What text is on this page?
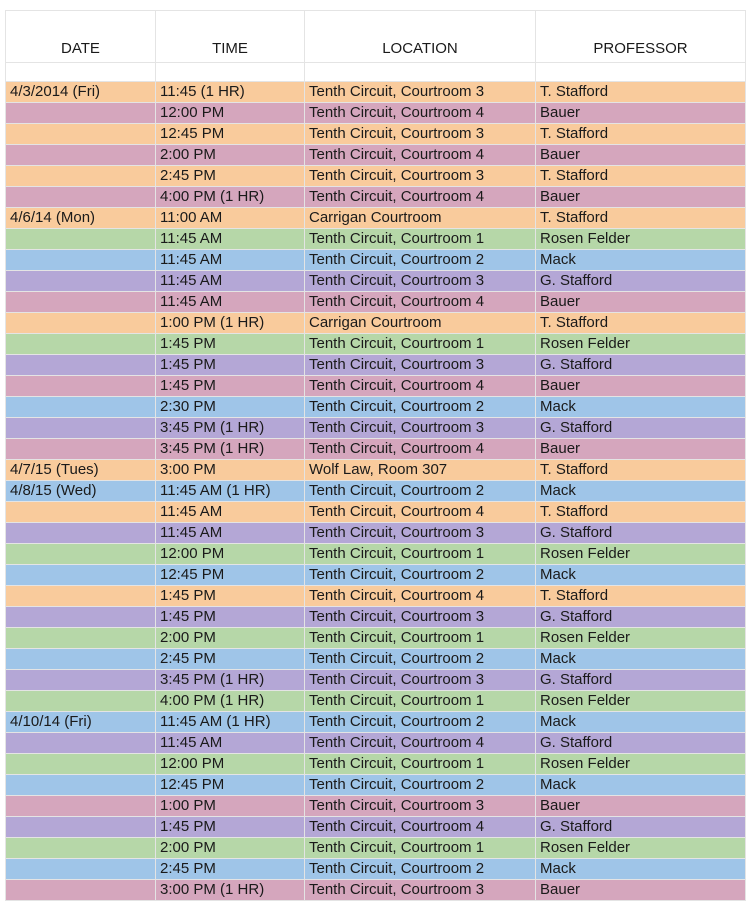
DATE	TIME	LOCATION	PROFESSOR

4/3/2014 (Fri)	11:45 (1 HR)	Tenth Circuit, Courtroom 3	T. Stafford
	12:00 PM	Tenth Circuit, Courtroom 4	Bauer
	12:45 PM	Tenth Circuit, Courtroom 3	T. Stafford
	2:00 PM	Tenth Circuit, Courtroom 4	Bauer
	2:45 PM	Tenth Circuit, Courtroom 3	T. Stafford
	4:00 PM (1 HR)	Tenth Circuit, Courtroom 4	Bauer
4/6/14 (Mon)	11:00 AM	Carrigan Courtroom	T. Stafford
	11:45 AM	Tenth Circuit, Courtroom 1	Rosen Felder
	11:45 AM	Tenth Circuit, Courtroom 2	Mack
	11:45 AM	Tenth Circuit, Courtroom 3	G. Stafford
	11:45 AM	Tenth Circuit, Courtroom 4	Bauer
	1:00 PM (1 HR)	Carrigan Courtroom	T. Stafford
	1:45 PM	Tenth Circuit, Courtroom 1	Rosen Felder
	1:45 PM	Tenth Circuit, Courtroom 3	G. Stafford
	1:45 PM	Tenth Circuit, Courtroom 4	Bauer
	2:30 PM	Tenth Circuit, Courtroom 2	Mack
	3:45 PM (1 HR)	Tenth Circuit, Courtroom 3	G. Stafford
	3:45 PM (1 HR)	Tenth Circuit, Courtroom 4	Bauer
4/7/15 (Tues)	3:00 PM	Wolf Law, Room 307	T. Stafford
4/8/15 (Wed)	11:45 AM (1 HR)	Tenth Circuit, Courtroom 2	Mack
	11:45 AM	Tenth Circuit, Courtroom 4	T. Stafford
	11:45 AM	Tenth Circuit, Courtroom 3	G. Stafford
	12:00 PM	Tenth Circuit, Courtroom 1	Rosen Felder
	12:45 PM	Tenth Circuit, Courtroom 2	Mack
	1:45 PM	Tenth Circuit, Courtroom 4	T. Stafford
	1:45 PM	Tenth Circuit, Courtroom 3	G. Stafford
	2:00 PM	Tenth Circuit, Courtroom 1	Rosen Felder
	2:45 PM	Tenth Circuit, Courtroom 2	Mack
	3:45 PM (1 HR)	Tenth Circuit, Courtroom 3	G. Stafford
	4:00 PM (1 HR)	Tenth Circuit, Courtroom 1	Rosen Felder
4/10/14 (Fri)	11:45 AM (1 HR)	Tenth Circuit, Courtroom 2	Mack
	11:45 AM	Tenth Circuit, Courtroom 4	G. Stafford
	12:00 PM	Tenth Circuit, Courtroom 1	Rosen Felder
	12:45 PM	Tenth Circuit, Courtroom 2	Mack
	1:00 PM	Tenth Circuit, Courtroom 3	Bauer
	1:45 PM	Tenth Circuit, Courtroom 4	G. Stafford
	2:00 PM	Tenth Circuit, Courtroom 1	Rosen Felder
	2:45 PM	Tenth Circuit, Courtroom 2	Mack
	3:00 PM (1 HR)	Tenth Circuit, Courtroom 3	Bauer
